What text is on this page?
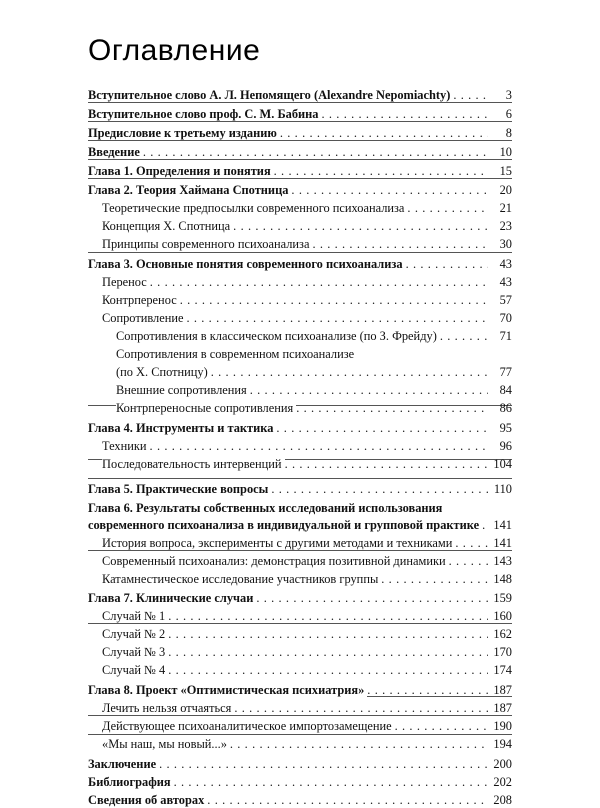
Оглавление
Вступительное слово А. Л. Непомящего (Alexandre Nepomiachty) . . .	3
Вступительное слово проф. С. М. Бабина . . .	6
Предисловие к третьему изданию . . .	8
Введение . . .	10
Глава 1. Определения и понятия . . .	15
Глава 2. Теория Хаймана Спотница . . .	20
Теоретические предпосылки современного психоанализа . . .	21
Концепция Х. Спотница . . .	23
Принципы современного психоанализа . . .	30
Глава 3. Основные понятия современного психоанализа . . .	43
Перенос . . .	43
Контрперенос . . .	57
Сопротивление . . .	70
Сопротивления в классическом психоанализе (по З. Фрейду) . . .	71
Сопротивления в современном психоанализе
(по Х. Спотницу) . . .	77
Внешние сопротивления . . .	84
Контрпереносные сопротивления . . .	86
Глава 4. Инструменты и тактика . . .	95
Техники . . .	96
Последовательность интервенций . . .	104
Глава 5. Практические вопросы . . .	110
Глава 6. Результаты собственных исследований использования
современного психоанализа в индивидуальной и групповой практике . . .	141
История вопроса, эксперименты с другими методами и техниками . . .	141
Современный психоанализ: демонстрация позитивной динамики . . .	143
Катамнестическое исследование участников группы . . .	148
Глава 7. Клинические случаи . . .	159
Случай № 1 . . .	160
Случай № 2 . . .	162
Случай № 3 . . .	170
Случай № 4 . . .	174
Глава 8. Проект «Оптимистическая психиатрия» . . .	187
Лечить нельзя отчаяться . . .	187
Действующее психоаналитическое импортозамещение . . .	190
«Мы наш, мы новый...» . . .	194
Заключение . . .	200
Библиография . . .	202
Сведения об авторах . . .	208
